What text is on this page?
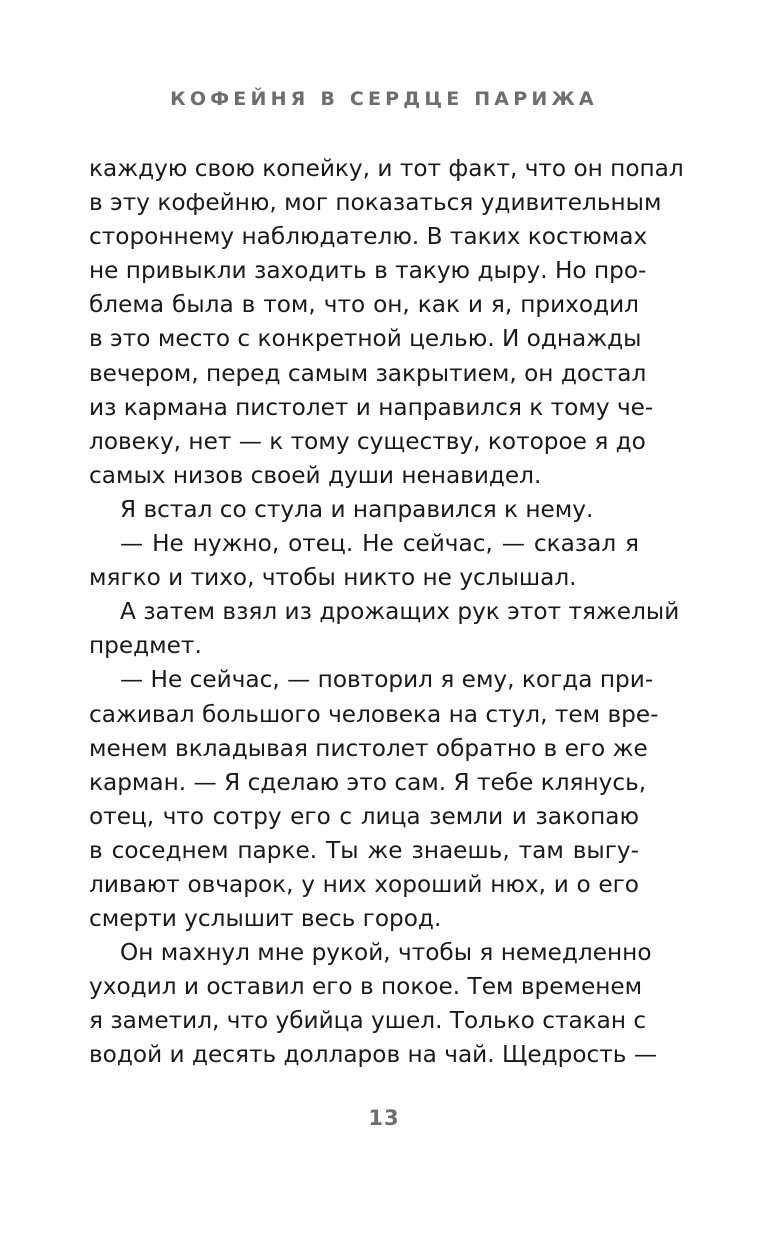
КОФЕЙНЯ В СЕРДЦЕ ПАРИЖА
каждую свою копейку, и тот факт, что он попал
в эту кофейню, мог показаться удивительным
стороннему наблюдателю. В таких костюмах
не привыкли заходить в такую дыру. Но про-
блема была в том, что он, как и я, приходил
в это место с конкретной целью. И однажды
вечером, перед самым закрытием, он достал
из кармана пистолет и направился к тому че-
ловеку, нет — к тому существу, которое я до
самых низов своей души ненавидел.
Я встал со стула и направился к нему.
— Не нужно, отец. Не сейчас, — сказал я
мягко и тихо, чтобы никто не услышал.
А затем взял из дрожащих рук этот тяжелый
предмет.
— Не сейчас, — повторил я ему, когда при-
саживал большого человека на стул, тем вре-
менем вкладывая пистолет обратно в его же
карман. — Я сделаю это сам. Я тебе клянусь,
отец, что сотру его с лица земли и закопаю
в соседнем парке. Ты же знаешь, там выгу-
ливают овчарок, у них хороший нюх, и о его
смерти услышит весь город.
Он махнул мне рукой, чтобы я немедленно
уходил и оставил его в покое. Тем временем
я заметил, что убийца ушел. Только стакан с
водой и десять долларов на чай. Щедрость —
13
